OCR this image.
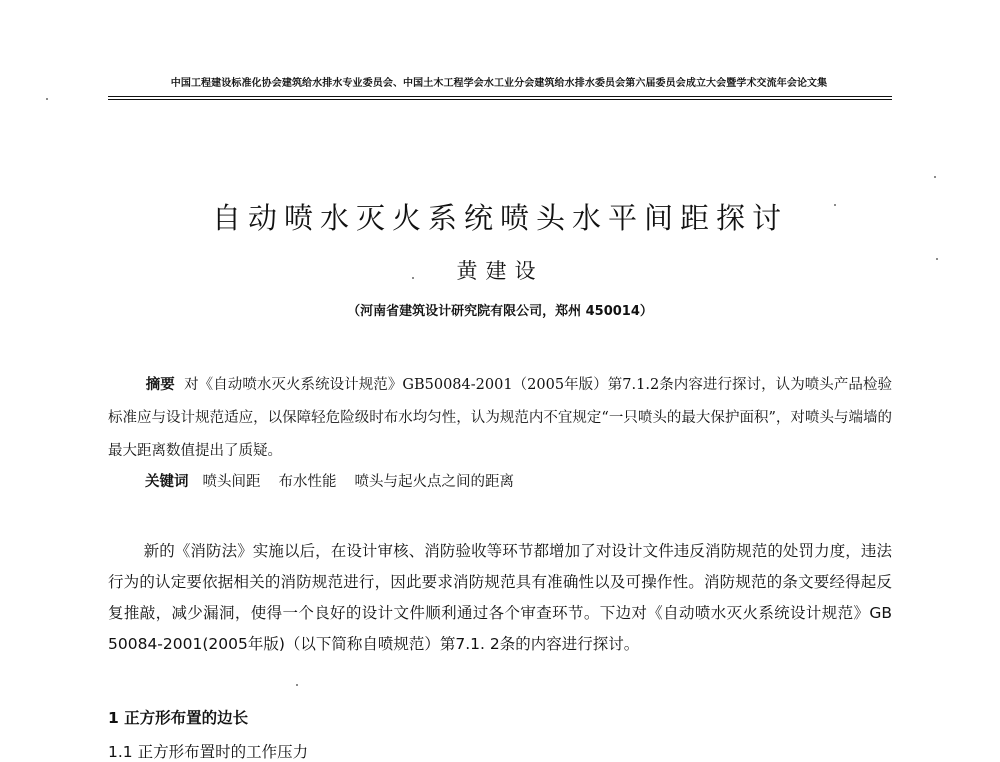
中国工程建设标准化协会建筑给水排水专业委员会、中国土木工程学会水工业分会建筑给水排水委员会第六届委员会成立大会暨学术交流年会论文集
自动喷水灭火系统喷头水平间距探讨
黄建设
（河南省建筑设计研究院有限公司，郑州 450014）
摘要 对《自动喷水灭火系统设计规范》GB50084-2001（2005年版）第7.1.2条内容进行探讨，认为喷头产品检验标准应与设计规范适应，以保障轻危险级时布水均匀性，认为规范内不宜规定“一只喷头的最大保护面积”，对喷头与端墙的最大距离数值提出了质疑。
关键词 喷头间距 布水性能 喷头与起火点之间的距离
新的《消防法》实施以后，在设计审核、消防验收等环节都增加了对设计文件违反消防规范的处罚力度，违法行为的认定要依据相关的消防规范进行，因此要求消防规范具有准确性以及可操作性。消防规范的条文要经得起反复推敲，减少漏洞，使得一个良好的设计文件顺利通过各个审查环节。下边对《自动喷水灭火系统设计规范》GB 50084-2001(2005年版)（以下简称自喷规范）第7.1. 2条的内容进行探讨。
1 正方形布置的边长
1.1 正方形布置时的工作压力
